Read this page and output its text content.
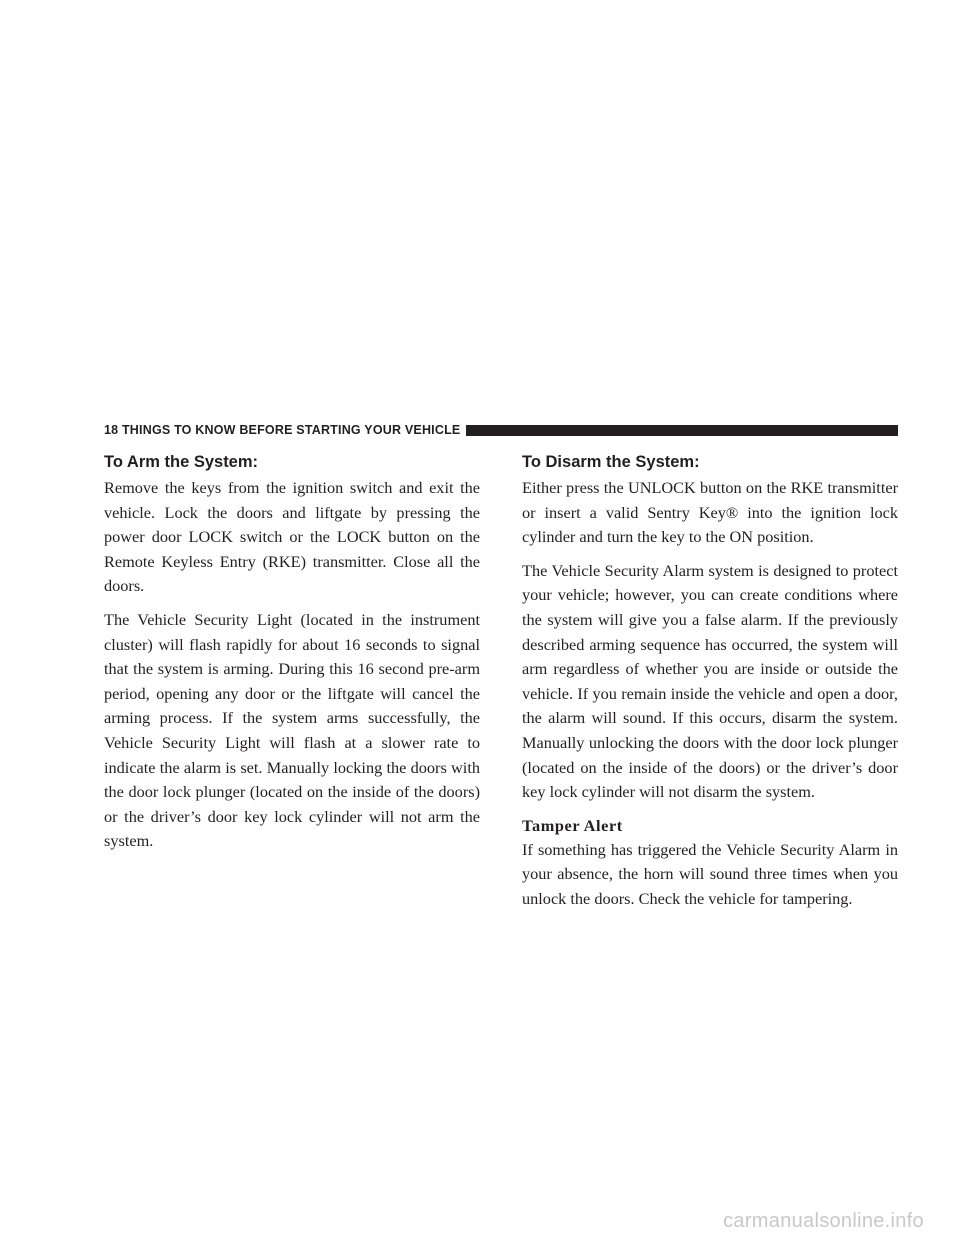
18 THINGS TO KNOW BEFORE STARTING YOUR VEHICLE
To Arm the System:

Remove the keys from the ignition switch and exit the vehicle. Lock the doors and liftgate by pressing the power door LOCK switch or the LOCK button on the Remote Keyless Entry (RKE) transmitter. Close all the doors.

The Vehicle Security Light (located in the instrument cluster) will flash rapidly for about 16 seconds to signal that the system is arming. During this 16 second pre-arm period, opening any door or the liftgate will cancel the arming process. If the system arms successfully, the Vehicle Security Light will flash at a slower rate to indicate the alarm is set. Manually locking the doors with the door lock plunger (located on the inside of the doors) or the driver’s door key lock cylinder will not arm the system.

To Disarm the System:

Either press the UNLOCK button on the RKE transmitter or insert a valid Sentry Key® into the ignition lock cylinder and turn the key to the ON position.

The Vehicle Security Alarm system is designed to protect your vehicle; however, you can create conditions where the system will give you a false alarm. If the previously described arming sequence has occurred, the system will arm regardless of whether you are inside or outside the vehicle. If you remain inside the vehicle and open a door, the alarm will sound. If this occurs, disarm the system. Manually unlocking the doors with the door lock plunger (located on the inside of the doors) or the driver’s door key lock cylinder will not disarm the system.

Tamper Alert

If something has triggered the Vehicle Security Alarm in your absence, the horn will sound three times when you unlock the doors. Check the vehicle for tampering.

carmanualsonline.info
